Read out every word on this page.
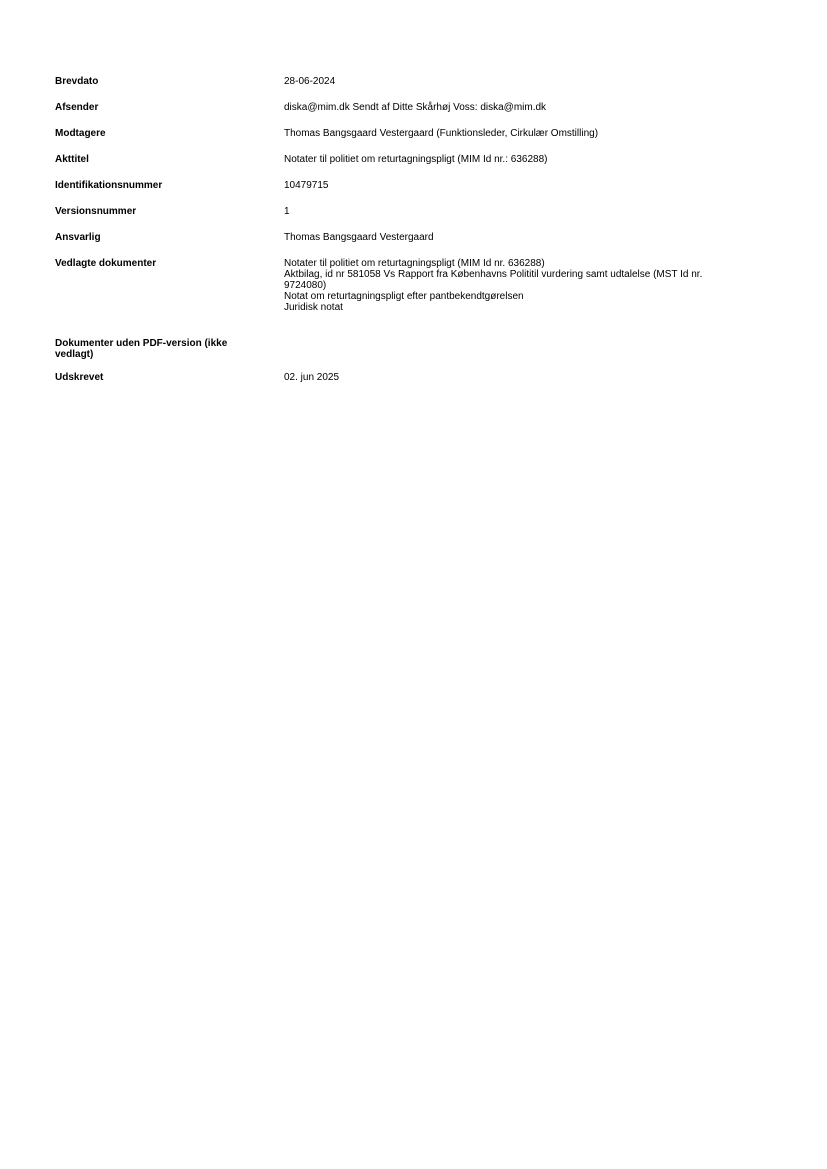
Brevdato	28-06-2024
Afsender	diska@mim.dk Sendt af Ditte Skårhøj Voss: diska@mim.dk
Modtagere	Thomas Bangsgaard Vestergaard (Funktionsleder, Cirkulær Omstilling)
Akttitel	Notater til politiet om returtagningspligt (MIM Id nr.: 636288)
Identifikationsnummer	10479715
Versionsnummer	1
Ansvarlig	Thomas Bangsgaard Vestergaard
Vedlagte dokumenter	Notater til politiet om returtagningspligt (MIM Id nr. 636288)
Aktbilag, id nr 581058 Vs Rapport fra Københavns Polititil vurdering samt udtalelse (MST Id nr.
9724080)
Notat om returtagningspligt efter pantbekendtgørelsen
Juridisk notat
Dokumenter uden PDF-version (ikke
vedlagt)
Udskrevet	02. jun 2025
